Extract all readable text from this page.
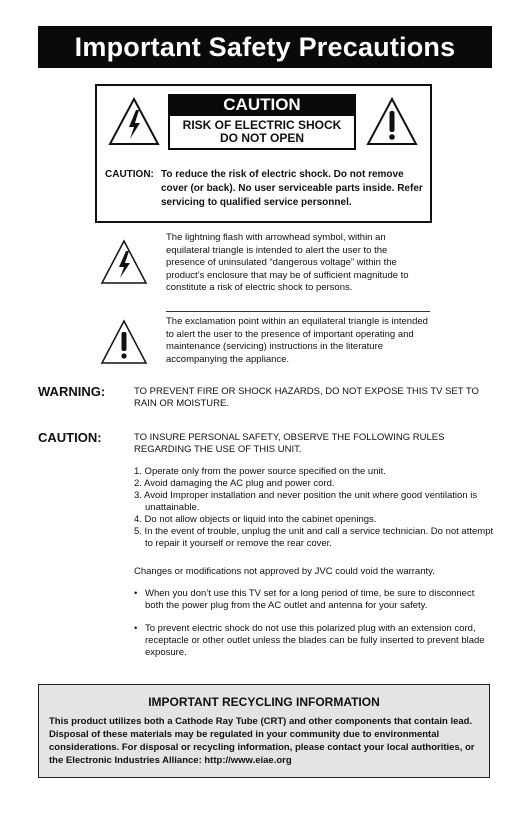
Important Safety Precautions
CAUTION
RISK OF ELECTRIC SHOCK
DO NOT OPEN
CAUTION: To reduce the risk of electric shock. Do not remove cover (or back). No user serviceable parts inside. Refer servicing to qualified service personnel.
The lightning flash with arrowhead symbol, within an equilateral triangle is intended to alert the user to the presence of uninsulated “dangerous voltage” within the product’s enclosure that may be of sufficient magnitude to constitute a risk of electric shock to persons.
The exclamation point within an equilateral triangle is intended to alert the user to the presence of important operating and maintenance (servicing) instructions in the literature accompanying the appliance.
WARNING:	TO PREVENT FIRE OR SHOCK HAZARDS, DO NOT EXPOSE THIS TV SET TO RAIN OR MOISTURE.
CAUTION:	TO INSURE PERSONAL SAFETY, OBSERVE THE FOLLOWING RULES REGARDING THE USE OF THIS UNIT.
1. Operate only from the power source specified on the unit.
2. Avoid damaging the AC plug and power cord.
3. Avoid Improper installation and never position the unit where good ventilation is unattainable.
4. Do not allow objects or liquid into the cabinet openings.
5. In the event of trouble, unplug the unit and call a service technician. Do not attempt to repair it yourself or remove the rear cover.
Changes or modifications not approved by JVC could void the warranty.
• When you don’t use this TV set for a long period of time, be sure to disconnect both the power plug from the AC outlet and antenna for your safety.
• To prevent electric shock do not use this polarized plug with an extension cord, receptacle or other outlet unless the blades can be fully inserted to prevent blade exposure.
IMPORTANT RECYCLING INFORMATION

This product utilizes both a Cathode Ray Tube (CRT) and other components that contain lead. Disposal of these materials may be regulated in your community due to environmental considerations. For disposal or recycling information, please contact your local authorities, or the Electronic Industries Alliance: http://www.eiae.org
